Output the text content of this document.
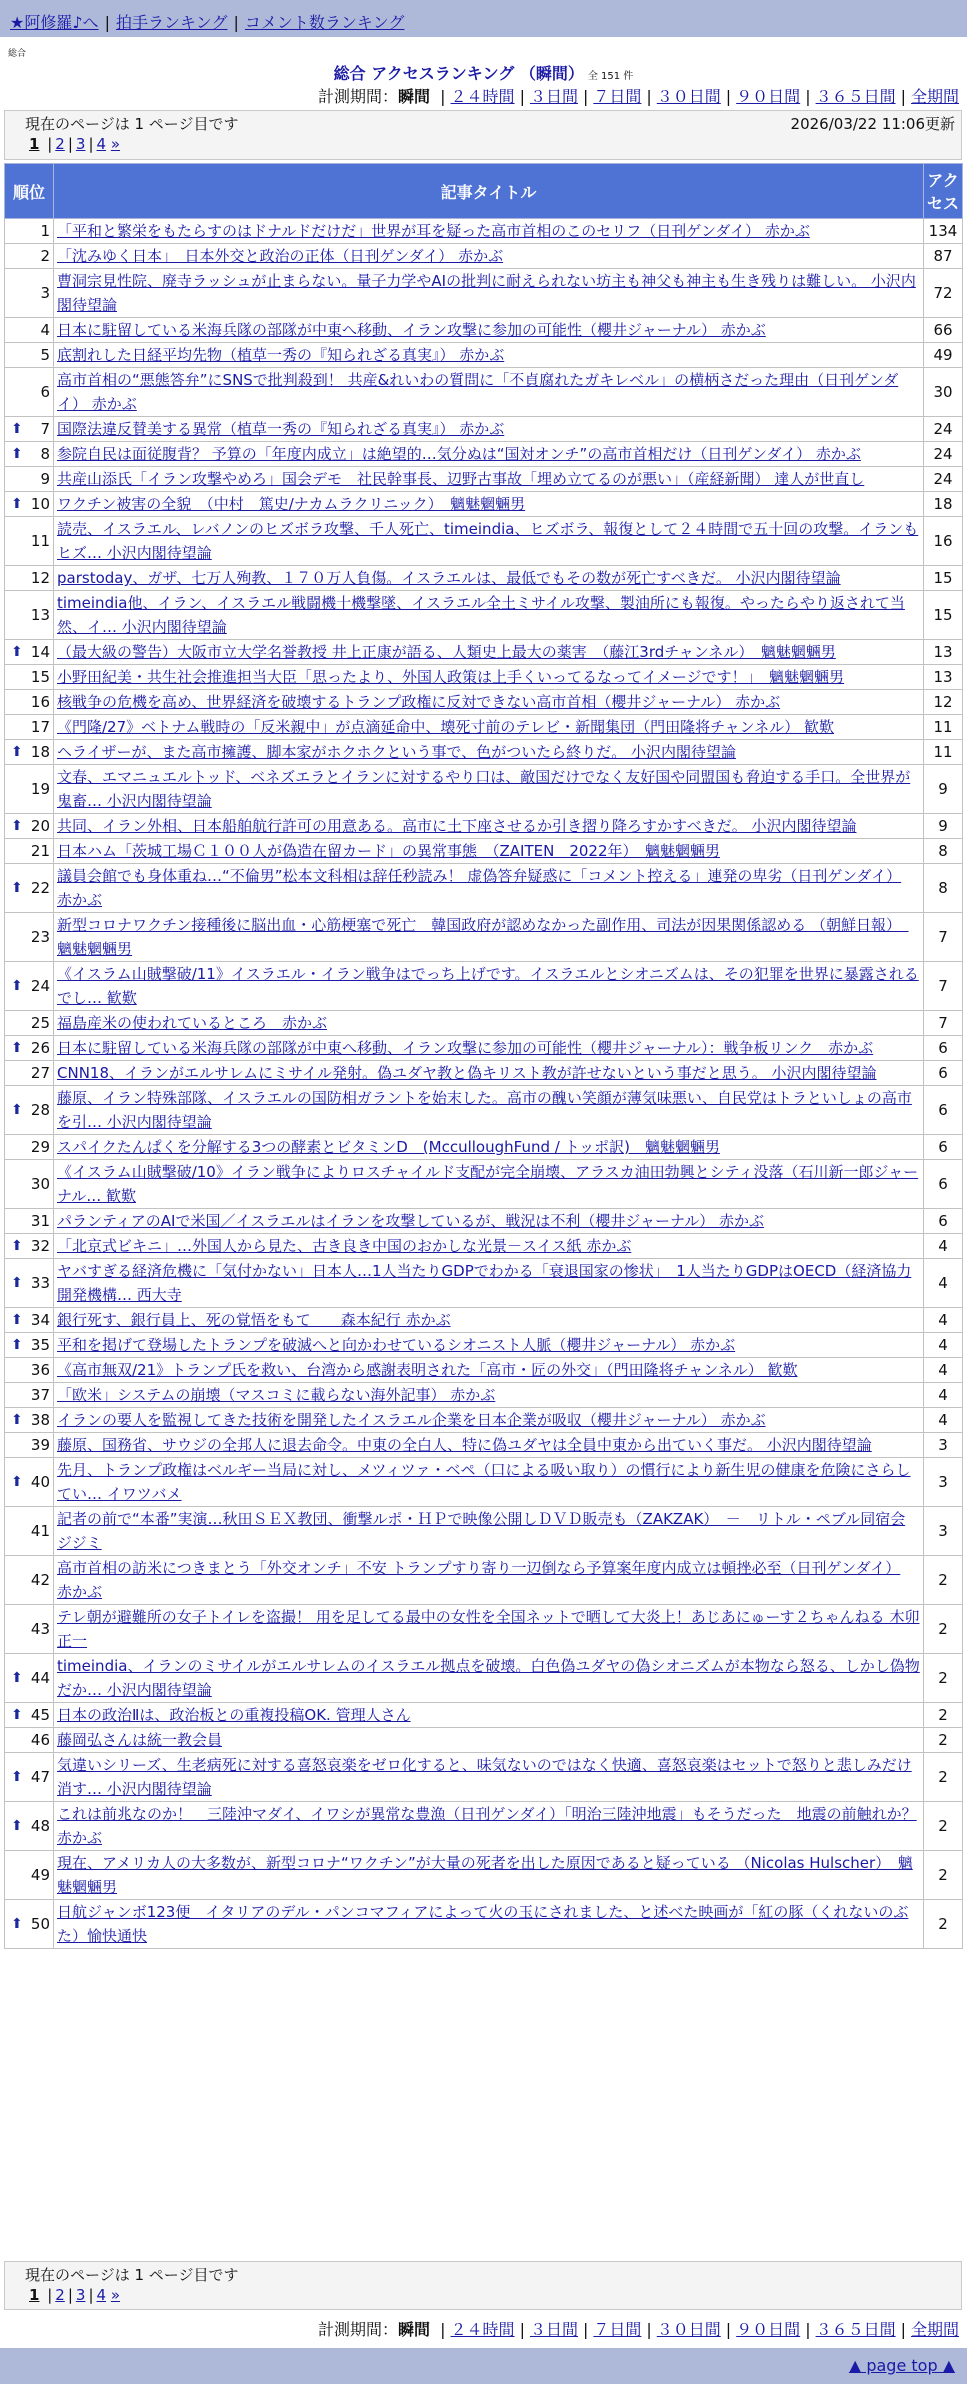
★阿修羅♪へ | 拍手ランキング | コメント数ランキング
総合
総合 アクセスランキング （瞬間） 全 151 件
計測期間：瞬間 | ２４時間 | ３日間 | ７日間 | ３０日間 | ９０日間 | ３６５日間 | 全期間
現在のページは 1 ページ目です	2026/03/22 11:06更新
1 | 2 | 3 | 4 »
順位	記事タイトル	アクセス
1	「平和と繁栄をもたらすのはドナルドだけだ」世界が耳を疑った高市首相のこのセリフ（日刊ゲンダイ） 赤かぶ	134
2	「沈みゆく日本」　日本外交と政治の正体（日刊ゲンダイ） 赤かぶ	87
3	曹洞宗見性院、廃寺ラッシュが止まらない。量子力学やAIの批判に耐えられない坊主も神父も神主も生き残りは難しい。 小沢内閣待望論	72
4	日本に駐留している米海兵隊の部隊が中東へ移動、イラン攻撃に参加の可能性（櫻井ジャーナル） 赤かぶ	66
5	底割れした日経平均先物（植草一秀の『知られざる真実』） 赤かぶ	49
6	高市首相の“悪態答弁”にSNSで批判殺到！ 共産&れいわの質問に「不貞腐れたガキレベル」の横柄さだった理由（日刊ゲンダイ） 赤かぶ	30

⬆ 7	国際法違反賛美する異常（植草一秀の『知られざる真実』） 赤かぶ	24

⬆ 8	参院自民は面従腹背？ 予算の「年度内成立」は絶望的…気分ぬは“国対オンチ”の高市首相だけ（日刊ゲンダイ） 赤かぶ	24
9	共産山添氏「イラン攻撃やめろ」国会デモ　社民幹事長、辺野古事故「埋め立てるのが悪い」（産経新聞） 達人が世直し	24

⬆ 10	ワクチン被害の全貌　（中村　篤史/ナカムラクリニック）　魑魅魍魎男	18
11	読売、イスラエル、レバノンのヒズボラ攻撃、千人死亡、timeindia、ヒズボラ、報復として２４時間で五十回の攻撃。イランもヒズ… 小沢内閣待望論	16
12	parstoday、ガザ、七万人殉教、１７０万人負傷。イスラエルは、最低でもその数が死亡すべきだ。 小沢内閣待望論	15
13	timeindia他、イラン、イスラエル戦闘機十機撃墜、イスラエル全土ミサイル攻撃、製油所にも報復。やったらやり返されて当然、イ… 小沢内閣待望論	15

⬆ 14	（最大級の警告）大阪市立大学名誉教授 井上正康が語る、人類史上最大の薬害　（藤江3rdチャンネル）　魑魅魍魎男	13
15	小野田紀美・共生社会推進担当大臣「思ったより、外国人政策は上手くいってるなってイメージです！」　魑魅魍魎男	13
16	核戦争の危機を高め、世界経済を破壊するトランプ政権に反対できない高市首相（櫻井ジャーナル） 赤かぶ	12
17	《門隆/27》ベトナム戦時の「反米親中」が点滴延命中、壊死寸前のテレビ・新聞集団（門田隆将チャンネル） 歓歎	11

⬆ 18	ヘライザーが、また高市擁護、脚本家がホクホクという事で、色がついたら終りだ。 小沢内閣待望論	11
19	文春、エマニュエルトッド、ベネズエラとイランに対するやり口は、敵国だけでなく友好国や同盟国も脅迫する手口。全世界が鬼畜… 小沢内閣待望論	9

⬆ 20	共同、イラン外相、日本船舶航行許可の用意ある。高市に土下座させるか引き摺り降ろすかすべきだ。 小沢内閣待望論	9
21	日本ハム「茨城工場Ｃ１００人が偽造在留カード」の異常事態　（ZAITEN　2022年）　魑魅魍魎男	8

⬆ 22	議員会館でも身体重ね…“不倫男”松本文科相は辞任秒読み！ 虚偽答弁疑惑に「コメント控える」連発の卑劣（日刊ゲンダイ） 赤かぶ	8
23	新型コロナワクチン接種後に脳出血・心筋梗塞で死亡　韓国政府が認めなかった副作用、司法が因果関係認める （朝鮮日報）　魑魅魍魎男	7

⬆ 24	《イスラム山賊撃破/11》イスラエル・イラン戦争はでっち上げです。イスラエルとシオニズムは、その犯罪を世界に暴露されるでし… 歓歎	7
25	福島産米の使われているところ　赤かぶ	7

⬆ 26	日本に駐留している米海兵隊の部隊が中東へ移動、イラン攻撃に参加の可能性（櫻井ジャーナル）：戦争板リンク　赤かぶ	6
27	CNN18、イランがエルサレムにミサイル発射。偽ユダヤ教と偽キリスト教が許せないという事だと思う。 小沢内閣待望論	6

⬆ 28	藤原、イラン特殊部隊、イスラエルの国防相ガラントを始末した。高市の醜い笑顔が薄気味悪い、自民党はトラといしょの高市を引… 小沢内閣待望論	6
29	スパイクたんぱくを分解する3つの酵素とビタミンD　(McculloughFund / トッポ訳)　魑魅魍魎男	6
30	《イスラム山賊撃破/10》イラン戦争によりロスチャイルド支配が完全崩壊、アラスカ油田勃興とシティ没落（石川新一郎ジャーナル… 歓歎	6
31	パランティアのAIで米国／イスラエルはイランを攻撃しているが、戦況は不利（櫻井ジャーナル） 赤かぶ	6

⬆ 32	「北京式ビキニ」…外国人から見た、古き良き中国のおかしな光景－スイス紙 赤かぶ	4

⬆ 33	ヤバすぎる経済危機に「気付かない」日本人…1人当たりGDPでわかる「衰退国家の惨状」　1人当たりGDPはOECD（経済協力開発機構… 西大寺	4

⬆ 34	銀行死す、銀行員上、死の覚悟をもて　　森本紀行 赤かぶ	4

⬆ 35	平和を掲げて登場したトランプを破滅へと向かわせているシオニスト人脈（櫻井ジャーナル） 赤かぶ	4
36	《高市無双/21》トランプ氏を救い、台湾から感謝表明された「高市・匠の外交」（門田隆将チャンネル） 歓歎	4
37	「欧米」システムの崩壊（マスコミに載らない海外記事） 赤かぶ	4

⬆ 38	イランの要人を監視してきた技術を開発したイスラエル企業を日本企業が吸収（櫻井ジャーナル） 赤かぶ	4
39	藤原、国務省、サウジの全邦人に退去命令。中東の全白人、特に偽ユダヤは全員中東から出ていく事だ。 小沢内閣待望論	3

⬆ 40	先月、トランプ政権はベルギー当局に対し、メツィツァ・ベペ（口による吸い取り）の慣行により新生児の健康を危険にさらしてい… イワツバメ	3
41	記者の前で“本番”実演…秋田ＳＥＸ教団、衝撃ルポ・ＨＰで映像公開しＤＶＤ販売も（ZAKZAK）　－　リトル・ペブル同宿会 ジジミ	3
42	高市首相の訪米につきまとう「外交オンチ」不安 トランプすり寄り一辺倒なら予算案年度内成立は頓挫必至（日刊ゲンダイ） 赤かぶ	2
43	テレ朝が避難所の女子トイレを盗撮！ 用を足してる最中の女性を全国ネットで晒して大炎上！あじあにゅーす２ちゃんねる 木卯正一	2

⬆ 44	timeindia、イランのミサイルがエルサレムのイスラエル拠点を破壊。白色偽ユダヤの偽シオニズムが本物なら怒る、しかし偽物だか… 小沢内閣待望論	2

⬆ 45	日本の政治Ⅱは、政治板との重複投稿OK. 管理人さん	2
46	藤岡弘さんは統一教会員	2

⬆ 47	気違いシリーズ、生老病死に対する喜怒哀楽をゼロ化すると、味気ないのではなく快適、喜怒哀楽はセットで怒りと悲しみだけ消す… 小沢内閣待望論	2

⬆ 48	これは前兆なのか！　三陸沖マダイ、イワシが異常な豊漁（日刊ゲンダイ）「明治三陸沖地震」もそうだった　地震の前触れか？ 赤かぶ	2
49	現在、アメリカ人の大多数が、新型コロナ“ワクチン”が大量の死者を出した原因であると疑っている （Nicolas Hulscher）　魑魅魍魎男	2

⬆ 50	日航ジャンボ123便　イタリアのデル・パンコマフィアによって火の玉にされました、と述べた映画が「紅の豚（くれないのぶた）愉快通快	2
現在のページは 1 ページ目です
1 | 2 | 3 | 4 »
計測期間：瞬間 | ２４時間 | ３日間 | ７日間 | ３０日間 | ９０日間 | ３６５日間 | 全期間
▲ page top ▲
